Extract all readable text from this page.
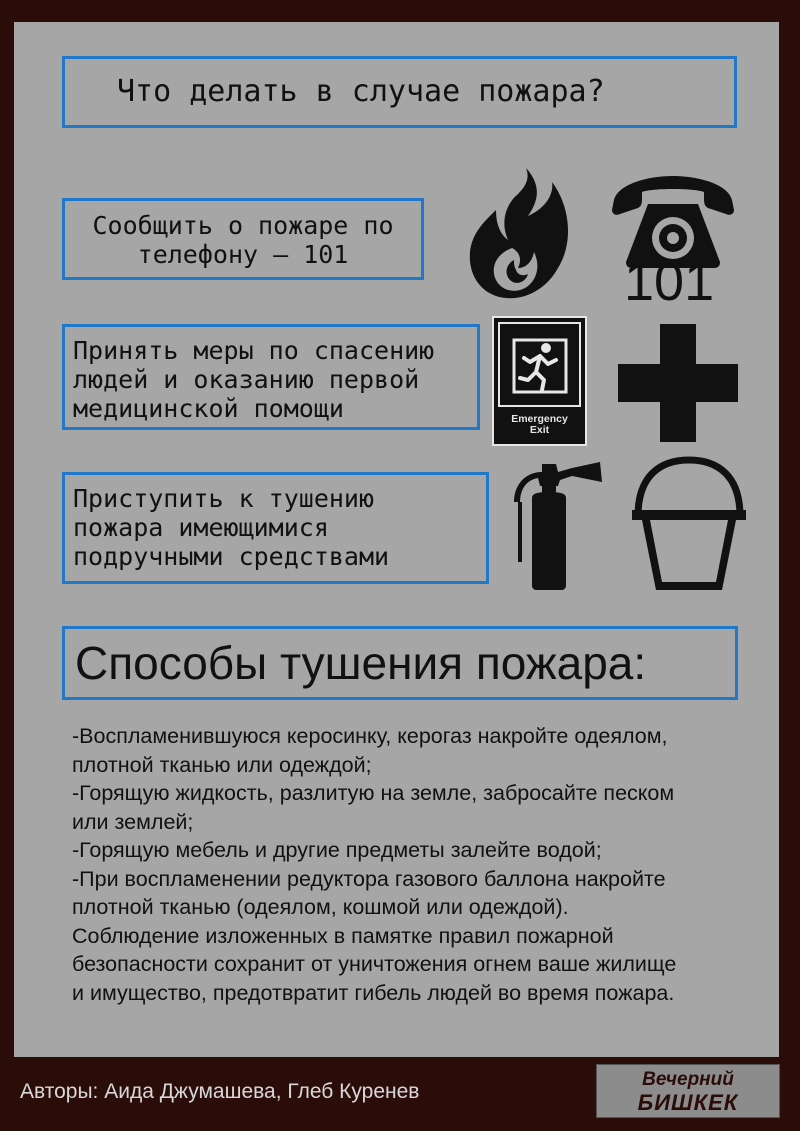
Что делать в случае пожара?
Сообщить о пожаре по
телефону – 101
Принять меры по спасению
людей и оказанию первой
медицинской помощи
Приступить к тушению
пожара имеющимися
подручными средствами
101
Emergency
Exit
Способы тушения пожара:
-Воспламенившуюся керосинку, керогаз накройте одеялом,
плотной тканью или одеждой;
-Горящую жидкость, разлитую на земле, забросайте песком
или землей;
-Горящую мебель и другие предметы залейте водой;
-При воспламенении редуктора газового баллона накройте
плотной тканью (одеялом, кошмой или одеждой).
Соблюдение изложенных в памятке правил пожарной
безопасности сохранит от уничтожения огнем ваше жилище
и имущество, предотвратит гибель людей во время пожара.
Авторы: Аида Джумашева, Глеб Куренев
Вечерний
БИШКЕК
